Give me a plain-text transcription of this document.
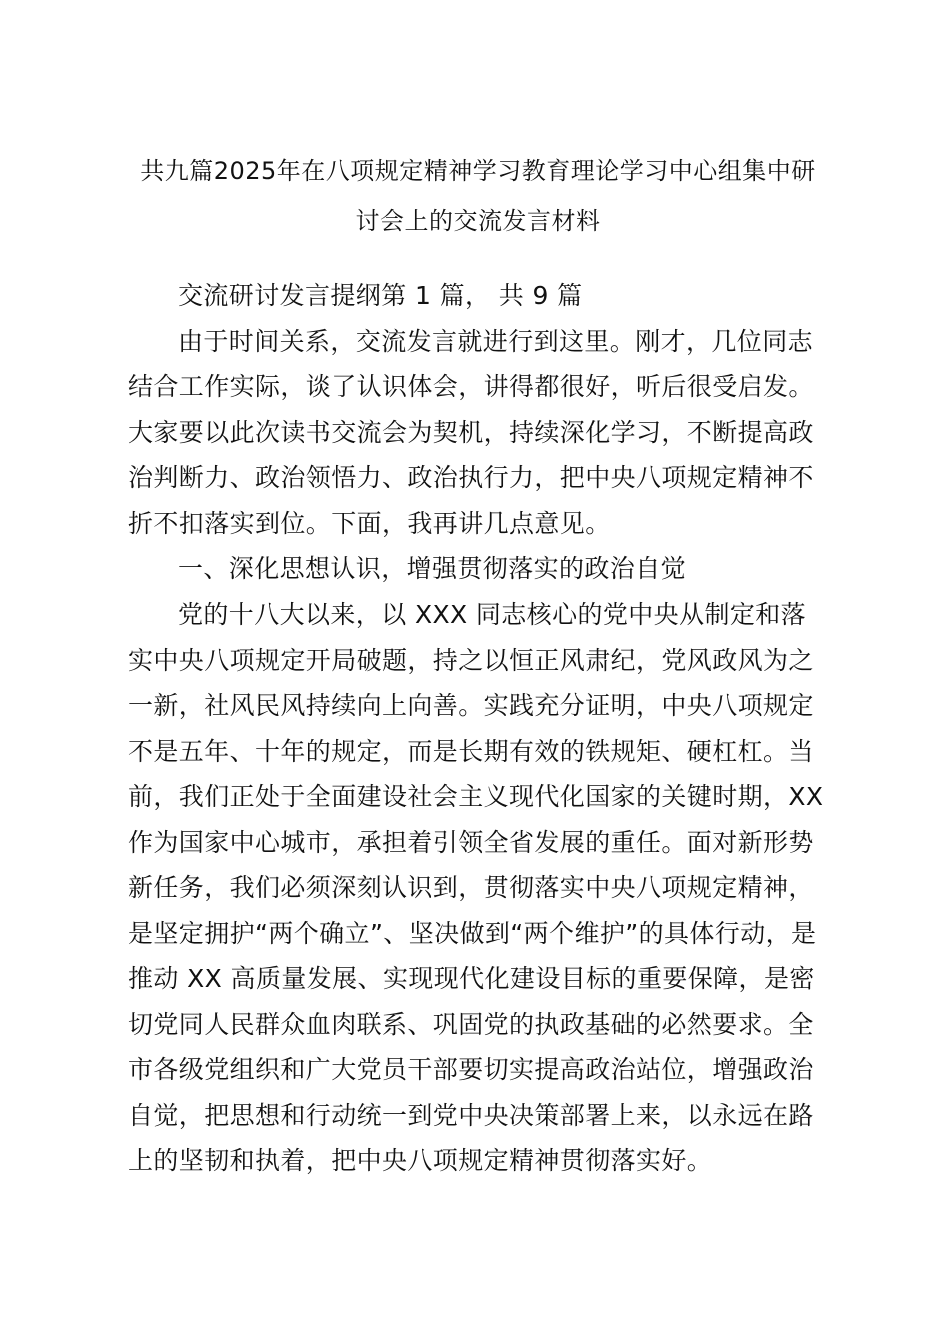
共九篇2025年在八项规定精神学习教育理论学习中心组集中研
讨会上的交流发言材料
交流研讨发言提纲第 1 篇， 共 9 篇
由于时间关系，交流发言就进行到这里。刚才，几位同志
结合工作实际，谈了认识体会，讲得都很好，听后很受启发。
大家要以此次读书交流会为契机，持续深化学习，不断提高政
治判断力、政治领悟力、政治执行力，把中央八项规定精神不
折不扣落实到位。下面，我再讲几点意见。
一、深化思想认识，增强贯彻落实的政治自觉
党的十八大以来，以 XXX 同志核心的党中央从制定和落
实中央八项规定开局破题，持之以恒正风肃纪，党风政风为之
一新，社风民风持续向上向善。实践充分证明，中央八项规定
不是五年、十年的规定，而是长期有效的铁规矩、硬杠杠。当
前，我们正处于全面建设社会主义现代化国家的关键时期，XX
作为国家中心城市，承担着引领全省发展的重任。面对新形势
新任务，我们必须深刻认识到，贯彻落实中央八项规定精神，
是坚定拥护“两个确立”、坚决做到“两个维护”的具体行动，是
推动 XX 高质量发展、实现现代化建设目标的重要保障，是密
切党同人民群众血肉联系、巩固党的执政基础的必然要求。全
市各级党组织和广大党员干部要切实提高政治站位，增强政治
自觉，把思想和行动统一到党中央决策部署上来，以永远在路
上的坚韧和执着，把中央八项规定精神贯彻落实好。
